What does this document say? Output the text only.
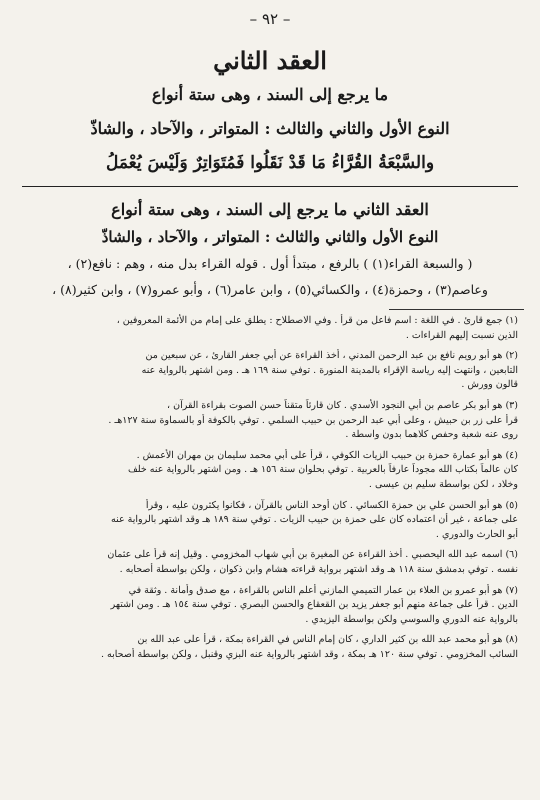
– ٩٢ –
العقد الثاني
ما يرجع إلى السند ، وهى ستة أنواع
النوع الأول والثاني والثالث : المتواتر ، والآحاد ، والشاذّ
والسَّبْعَةُ القُرَّاءُ مَا قَدْ نَقَلُوا فَمُتَوَاتِرٌ وَلَيْسَ يُعْمَلُ
العقد الثاني ما يرجع إلى السند ، وهى ستة أنواع
النوع الأول والثاني والثالث : المتواتر ، والآحاد ، والشاذّ
( والسبعة القراء(١) ) بالرفع ، مبتدأ أول . قوله القراء بدل منه ، وهم : نافع(٢) ،
وعاصم(٣) ، وحمزة(٤) ، والكسائي(٥) ، وابن عامر(٦) ، وأبو عمرو(٧) ، وابن كثير(٨) ،
(١) جمع قارئ . في اللغة : اسم فاعل من قرأ . وفي الاصطلاح : يطلق على إمام من الأئمة المعروفين ،
الذين نسبت إليهم القراءات .
(٢) هو أبو رويم نافع بن عبد الرحمن المدني ، أخذ القراءة عن أبي جعفر القارئ ، عن سبعين من
التابعين ، وانتهت إليه رياسة الإقراء بالمدينة المنورة . توفي سنة ١٦٩ هـ . ومن اشتهر بالرواية عنه
قالون وورش .
(٣) هو أبو بكر عاصم بن أبي النجود الأسدي . كان قارئاً متقناً حسن الصوت بقراءة القرآن ،
قرأ على زر بن حبيش ، وعلى أبي عبد الرحمن بن حبيب السلمي . توفي بالكوفة أو بالسماوة سنة ١٢٧هـ .
روى عنه شعبة وحفص كلاهما بدون واسطة .
(٤) هو أبو عمارة حمزة بن حبيب الزيات الكوفي ، قرأ على أبي محمد سليمان بن مهران الأعمش .
كان عالماً بكتاب الله مجوداً عارفاً بالعربية . توفي بحلوان سنة ١٥٦ هـ . ومن اشتهر بالرواية عنه خلف
وخلاد ، لكن بواسطة سليم بن عيسى .
(٥) هو أبو الحسن علي بن حمزة الكسائي . كان أوحد الناس بالقرآن ، فكانوا يكثرون عليه ، وقرأ
على جماعة ، غير أن اعتماده كان على حمزة بن حبيب الزيات . توفي سنة ١٨٩ هـ وقد اشتهر بالرواية عنه
أبو الحارث والدوري .
(٦) اسمه عبد الله اليحصبي . أخذ القراءة عن المغيرة بن أبي شهاب المخزومي . وقيل إنه قرأ على عثمان
نفسه . توفي بدمشق سنة ١١٨ هـ وقد اشتهر برواية قراءته هشام وابن ذكوان ، ولكن بواسطة أصحابه .
(٧) هو أبو عمرو بن العلاء بن عمار التميمي المازني أعلم الناس بالقراءة ، مع صدق وأمانة . وثقة في
الدين . قرأ على جماعة منهم أبو جعفر يزيد بن القعقاع والحسن البصري . توفي سنة ١٥٤ هـ . ومن اشتهر
بالرواية عنه الدوري والسوسي ولكن بواسطة اليزيدي .
(٨) هو أبو محمد عبد الله بن كثير الداري ، كان إمام الناس في القراءة بمكة ، قرأ على عبد الله بن
السائب المخزومي . توفي سنة ١٢٠ هـ بمكة ، وقد اشتهر بالرواية عنه البزي وقنبل ، ولكن بواسطة أصحابه .
